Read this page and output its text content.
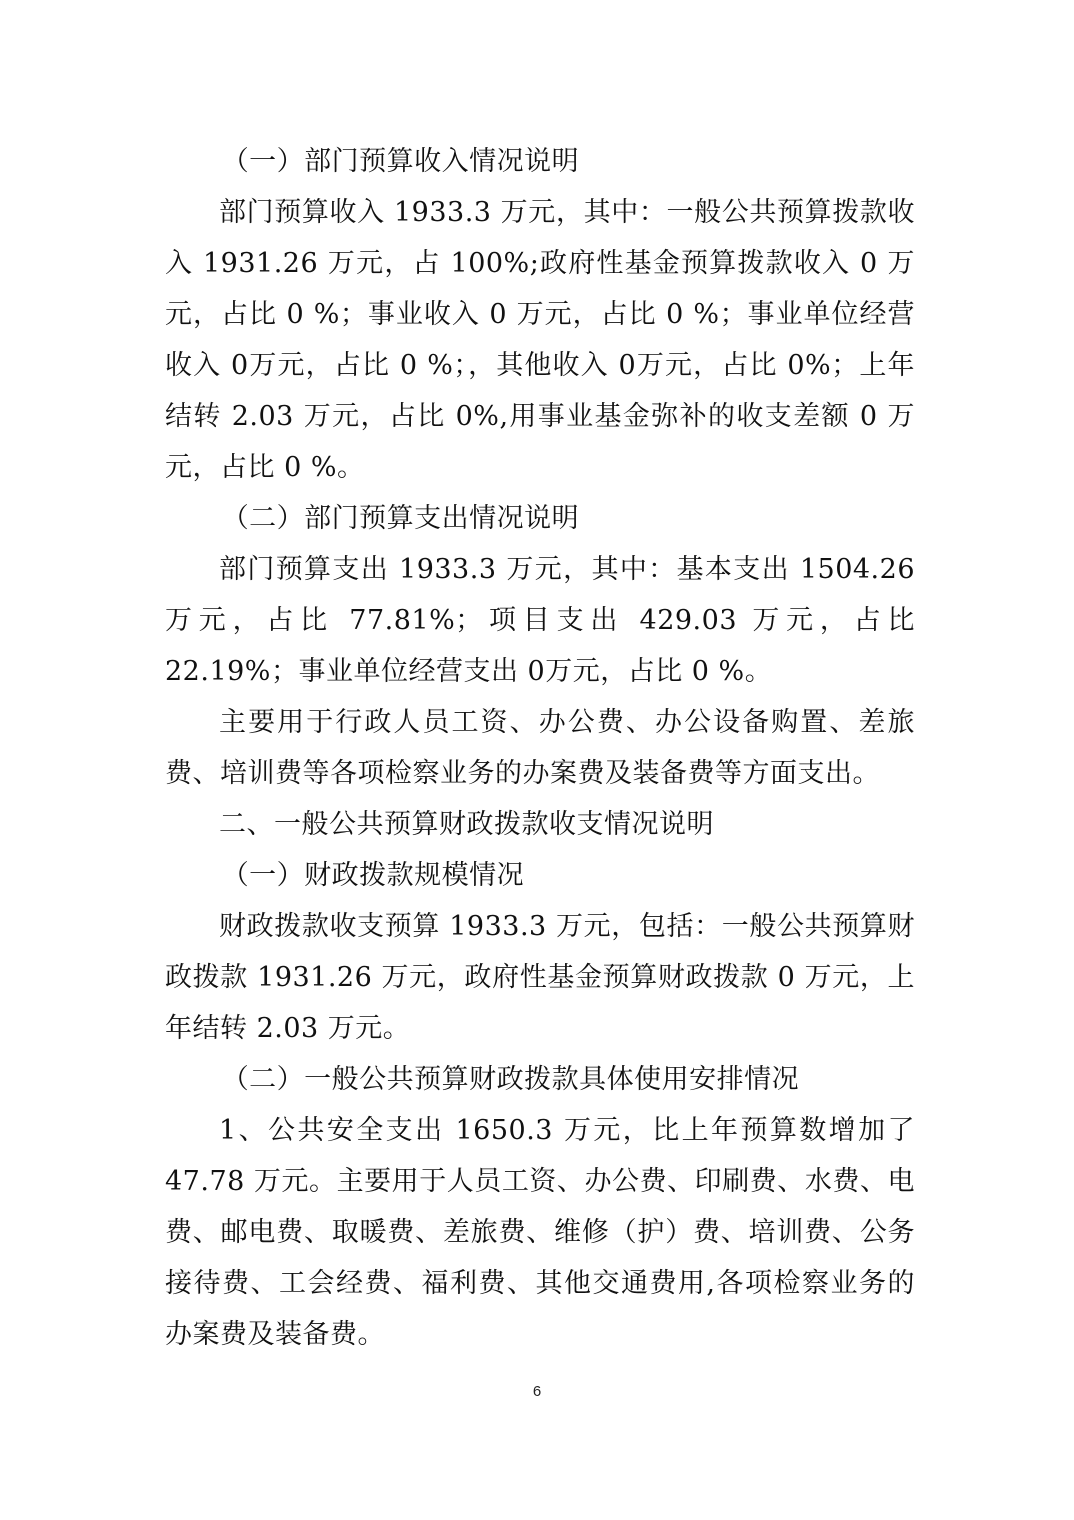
（一）部门预算收入情况说明

部门预算收入 1933.3 万元，其中：一般公共预算拨款收入 1931.26 万元，占 100%;政府性基金预算拨款收入 0 万元，占比 0 %；事业收入 0 万元，占比 0 %；事业单位经营收入 0万元，占比 0 %；，其他收入 0万元，占比 0%；上年结转 2.03 万元，占比 0%,用事业基金弥补的收支差额 0 万元，占比 0 %。

（二）部门预算支出情况说明

部门预算支出 1933.3 万元，其中：基本支出 1504.26 万元，占比 77.81%；项目支出 429.03 万元，占比 22.19%；事业单位经营支出 0万元，占比 0 %。

主要用于行政人员工资、办公费、办公设备购置、差旅费、培训费等各项检察业务的办案费及装备费等方面支出。

二、一般公共预算财政拨款收支情况说明

（一）财政拨款规模情况

财政拨款收支预算 1933.3 万元，包括：一般公共预算财政拨款 1931.26 万元，政府性基金预算财政拨款 0 万元，上年结转 2.03 万元。

（二）一般公共预算财政拨款具体使用安排情况

1、公共安全支出 1650.3 万元，比上年预算数增加了 47.78 万元。主要用于人员工资、办公费、印刷费、水费、电费、邮电费、取暖费、差旅费、维修（护）费、培训费、公务接待费、工会经费、福利费、其他交通费用,各项检察业务的办案费及装备费。

6
